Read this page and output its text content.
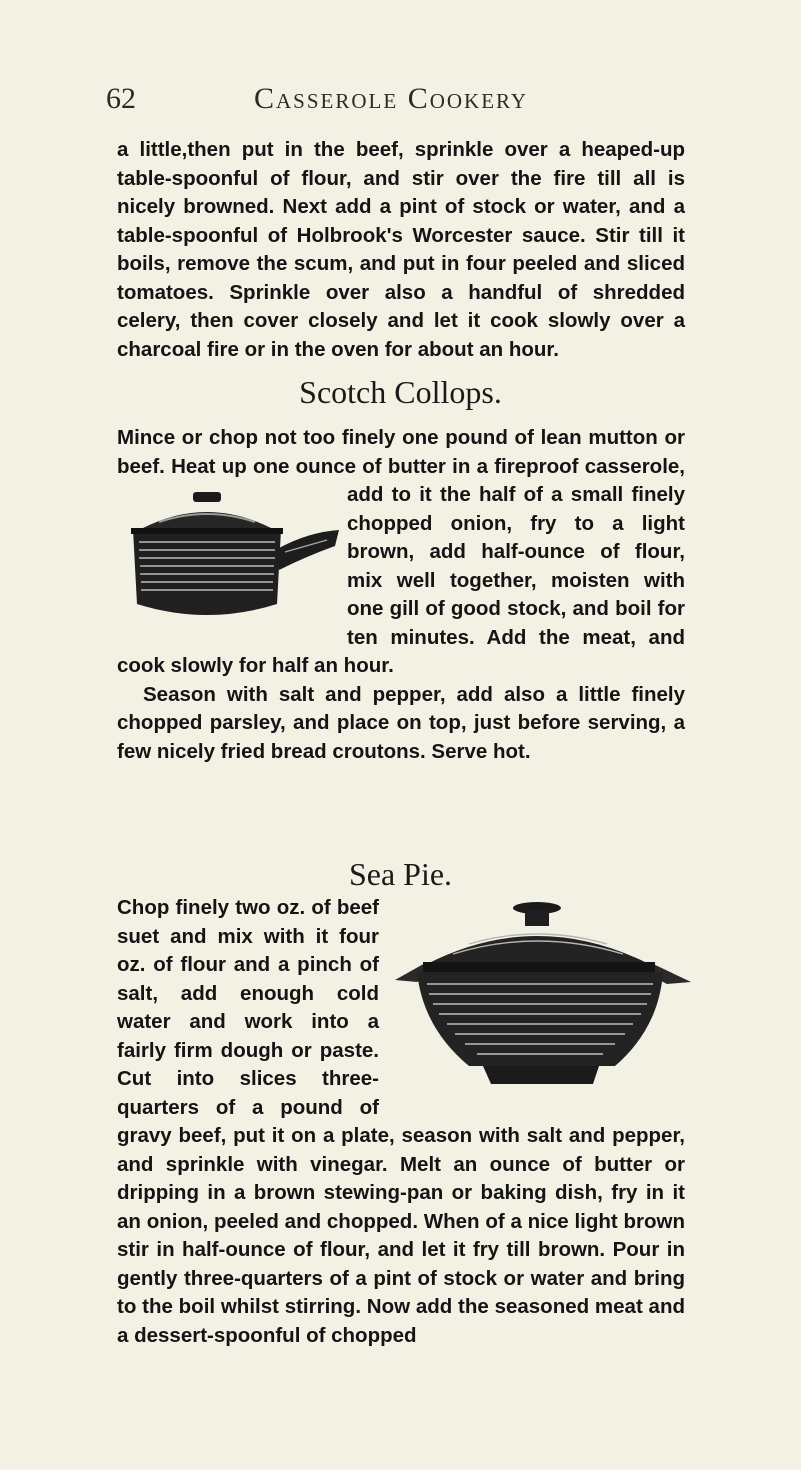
62	Casserole Cookery

a little,then put in the beef, sprinkle over a heaped-up table-spoonful of flour, and stir over the fire till all is nicely browned. Next add a pint of stock or water, and a table-spoonful of Holbrook's Worcester sauce. Stir till it boils, remove the scum, and put in four peeled and sliced tomatoes. Sprinkle over also a handful of shredded celery, then cover closely and let it cook slowly over a charcoal fire or in the oven for about an hour.

Scotch Collops.

Mince or chop not too finely one pound of lean mutton or beef. Heat up one ounce of butter in a fireproof casserole, add to it the half of a small finely chopped onion, fry to a light brown, add half-ounce of flour, mix well together, moisten with one gill of good stock, and boil for ten minutes. Add the meat, and cook slowly for half an hour.

Season with salt and pepper, add also a little finely chopped parsley, and place on top, just before serving, a few nicely fried bread croutons. Serve hot.

Sea Pie.

Chop finely two oz. of beef suet and mix with it four oz. of flour and a pinch of salt, add enough cold water and work into a fairly firm dough or paste. Cut into slices three-quarters of a pound of gravy beef, put it on a plate, season with salt and pepper, and sprinkle with vinegar. Melt an ounce of butter or dripping in a brown stewing-pan or baking dish, fry in it an onion, peeled and chopped. When of a nice light brown stir in half-ounce of flour, and let it fry till brown. Pour in gently three-quarters of a pint of stock or water and bring to the boil whilst stirring. Now add the seasoned meat and a dessert-spoonful of chopped
